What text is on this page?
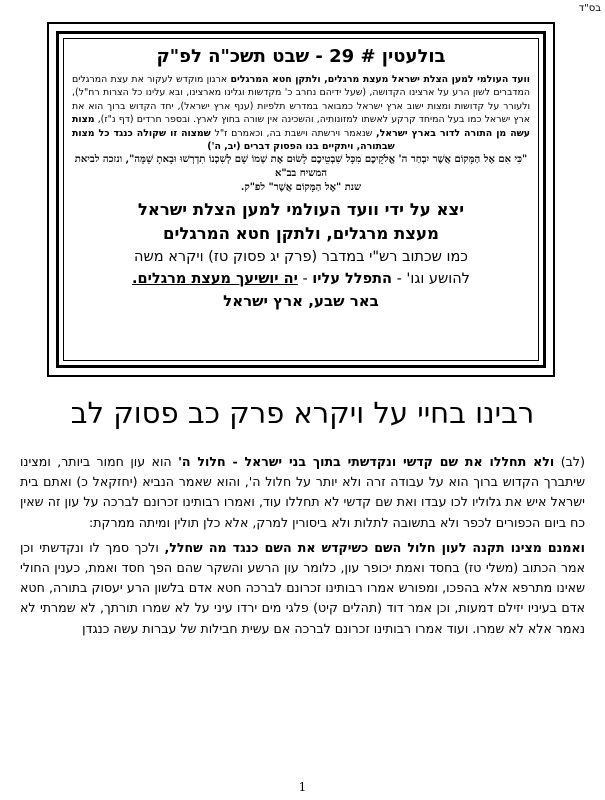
בס"ד
בולעטין # 29 - שבט תשכ"ה לפ"ק

וועד העולמי למען הצלת ישראל מעצת מרגלים, ולתקן חטא המרגלים ארגון מוקדש לעקור את עצת המרגלים המדברים לשון הרע על ארצינו הקדושה, (שעל ידיהם נחרב כ' מקדשות וגלינו מארצינו, ובא עלינו כל הצרות רח"ל), ולעורר על קדושות ומצות ישוב ארץ ישראל כמבואר במדרש תלפיות (ענף ארץ ישראל), יחד הקדוש ברוך הוא את ארץ ישראל כמו בעל המיחד קרקע לאשתו למזונותיה, והשכינה אין שורה בחוץ לארץ. ובספר חרדים (דף נ"ז), מצות עשה מן התורה לדור בארץ ישראל, שנאמר וירשתה וישבת בה, וכאמרם ז"ל שמצוה זו שקולה כנגד כל מצות שבתורה, ויתקיים בנו הפסוק דברים (יב, ה')

"כִּי אִם אֶל הַמָּקוֹם אֲשֶׁר יִבְחַר ה' אֱלֹקֵיכֶם מִכָּל שִׁבְטֵיכֶם לָשׂוּם אֶת שְׁמוֹ שָׁם לְשִׁכְנוֹ תִדְרְשׁוּ וּבָאתָ שָׁמָּה", ונזכה לביאת המשיח בב"א
שנת "אֶל הַמָּקוֹם אֲשֶׁר" לפ"ק.
יצא על ידי וועד העולמי למען הצלת ישראל
מעצת מרגלים, ולתקן חטא המרגלים
כמו שכתוב רש"י במדבר (פרק יג פסוק טז) ויקרא משה
להושע וגו' - התפלל עליו - יה יושיעך מעצת מרגלים.
באר שבע, ארץ ישראל
רבינו בחיי על ויקרא פרק כב פסוק לב

(לב) ולא תחללו את שם קדשי ונקדשתי בתוך בני ישראל - חלול ה' הוא עון חמור ביותר, ומצינו שיתברך הקדוש ברוך הוא על עבודה זרה ולא יותר על חלול ה', והוא שאמר הנביא (יחזקאל כ) ואתם בית ישראל איש את גלוליו לכו עבדו ואת שם קדשי לא תחללו עוד, ואמרו רבותינו זכרונם לברכה על עון זה שאין כח ביום הכפורים לכפר ולא בתשובה לתלות ולא ביסורין למרק, אלא כלן תולין ומיתה ממרקת:

ואמנם מצינו תקנה לעון חלול השם כשיקדש את השם כנגד מה שחלל, ולכך סמך לו ונקדשתי וכן אמר הכתוב (משלי טז) בחסד ואמת יכופר עון, כלומר עון הרשע והשקר שהם הפך חסד ואמת, כענין החולי שאינו מתרפא אלא בהפכו, ומפורש אמרו רבותינו זכרונם לברכה חטא אדם בלשון הרע יעסוק בתורה, חטא אדם בעיניו יזילם דמעות, וכן אמר דוד (תהלים קיט) פלגי מים ירדו עיני על לא שמרו תורתך, לא שמרתי לא נאמר אלא לא שמרו. ועוד אמרו רבותינו זכרונם לברכה אם עשית חבילות של עברות עשה כנגדן

1
